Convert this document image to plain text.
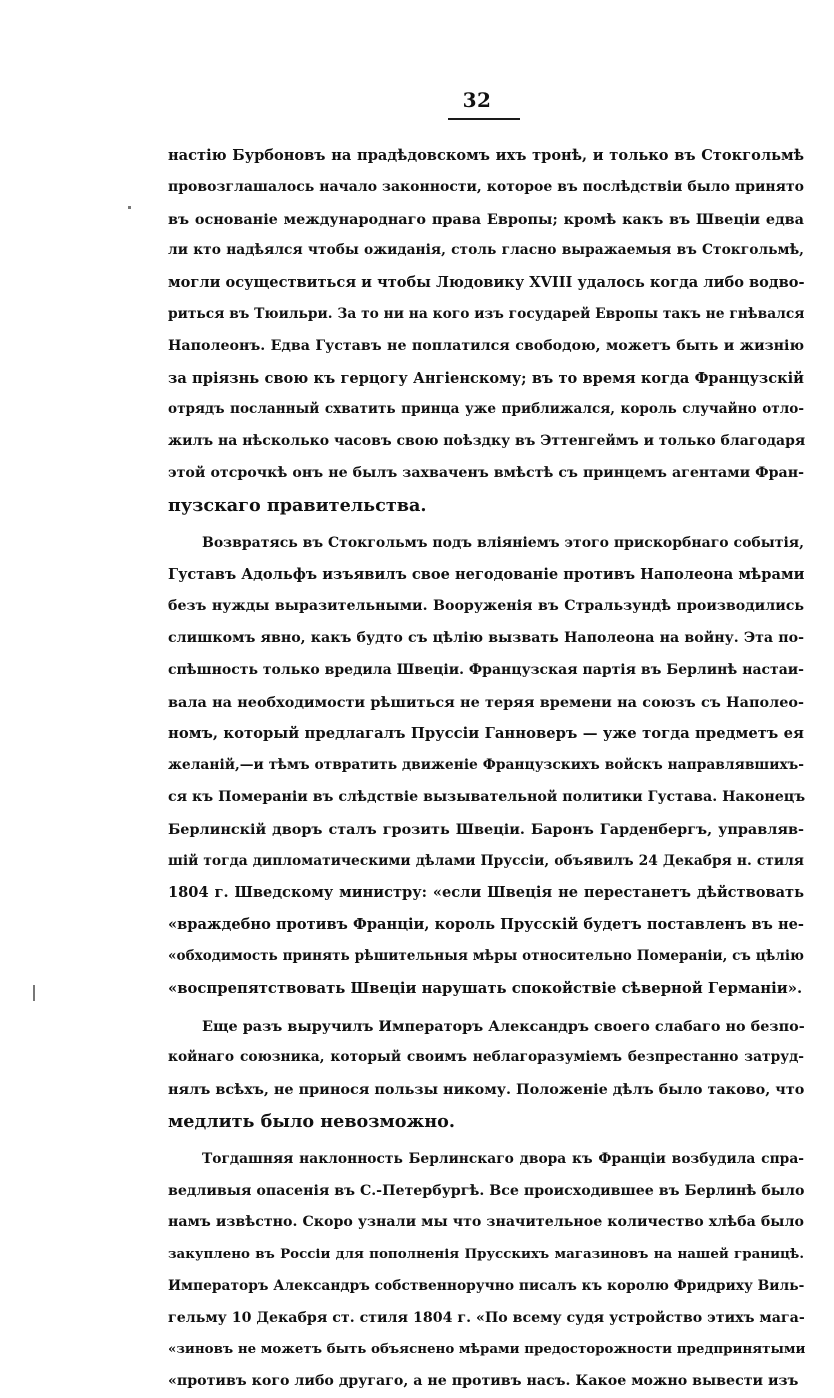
32
настію Бурбоновъ на прадѣдовскомъ ихъ тронѣ, и только въ Стокгольмѣ
провозглашалось начало законности, которое въ послѣдствіи было принято
въ основаніе международнаго права Европы; кромѣ какъ въ Швеціи едва
ли кто надѣялся чтобы ожиданія, столь гласно выражаемыя въ Стокгольмѣ,
могли осуществиться и чтобы Людовику XVIII удалось когда либо водво-
риться въ Тюильри. За то ни на кого изъ государей Европы такъ не гнѣвался
Наполеонъ. Едва Густавъ не поплатился свободою, можетъ быть и жизнію
за пріязнь свою къ герцогу Ангіенскому; въ то время когда Французскій
отрядъ посланный схватить принца уже приближался, король случайно отло-
жилъ на нѣсколько часовъ свою поѣздку въ Эттенгеймъ и только благодаря
этой отсрочкѣ онъ не былъ захваченъ вмѣстѣ съ принцемъ агентами Фран-
пузскаго правительства.
Возвратясь въ Стокгольмъ подъ вліяніемъ этого прискорбнаго событія,
Густавъ Адольфъ изъявилъ свое негодованіе противъ Наполеона мѣрами
безъ нужды выразительными. Вооруженія въ Стральзундѣ производились
слишкомъ явно, какъ будто съ цѣлію вызвать Наполеона на войну. Эта по-
спѣшность только вредила Швеціи. Французская партія въ Берлинѣ настаи-
вала на необходимости рѣшиться не теряя времени на союзъ съ Наполео-
номъ, который предлагалъ Пруссіи Ганноверъ — уже тогда предметъ ея
желаній,—и тѣмъ отвратить движеніе Французскихъ войскъ направлявшихъ-
ся къ Помераніи въ слѣдствіе вызывательной политики Густава. Наконецъ
Берлинскій дворъ сталъ грозить Швеціи. Баронъ Гарденбергъ, управляв-
шій тогда дипломатическими дѣлами Пруссіи, объявилъ 24 Декабря н. стиля
1804 г. Шведскому министру: «если Швеція не перестанетъ дѣйствовать
«враждебно противъ Франціи, король Прусскій будетъ поставленъ въ не-
«обходимость принять рѣшительныя мѣры относительно Помераніи, съ цѣлію
«воспрепятствовать Швеціи нарушать спокойствіе сѣверной Германіи».
Еще разъ выручилъ Императоръ Александръ своего слабаго но безпо-
койнаго союзника, который своимъ неблагоразуміемъ безпрестанно затруд-
нялъ всѣхъ, не принося пользы никому. Положеніе дѣлъ было таково, что
медлить было невозможно.
Тогдашняя наклонность Берлинскаго двора къ Франціи возбудила спра-
ведливыя опасенія въ С.-Петербургѣ. Все происходившее въ Берлинѣ было
намъ извѣстно. Скоро узнали мы что значительное количество хлѣба было
закуплено въ Россіи для пополненія Прусскихъ магазиновъ на нашей границѣ.
Императоръ Александръ собственноручно писалъ къ королю Фридриху Виль-
гельму 10 Декабря ст. стиля 1804 г. «По всему судя устройство этихъ мага-
«зиновъ не можетъ быть объяснено мѣрами предосторожности предпринятыми
«противъ кого либо другаго, а не противъ насъ. Какое можно вывести изъ
